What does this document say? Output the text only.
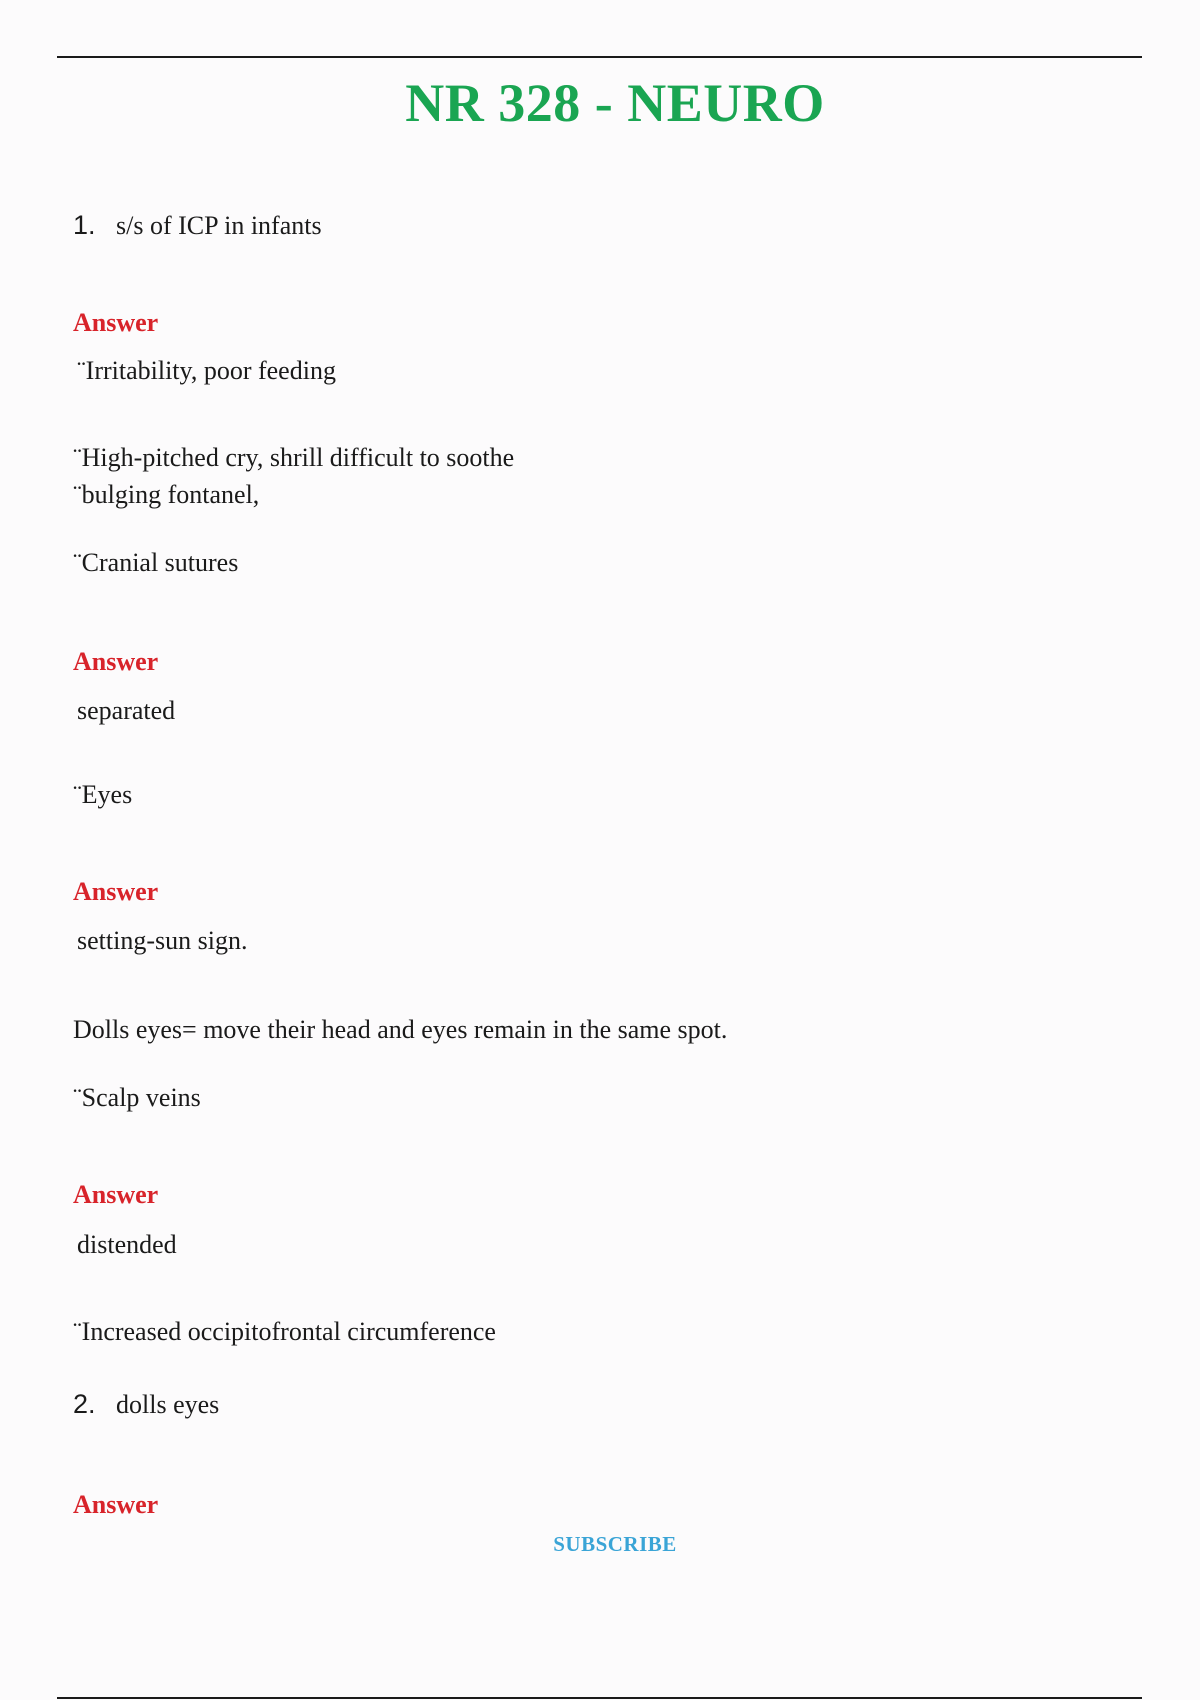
NR 328 - NEURO
1. s/s of ICP in infants
Answer
¨Irritability, poor feeding
¨High-pitched cry, shrill difficult to soothe
¨bulging fontanel,
¨Cranial sutures
Answer
separated
¨Eyes
Answer
setting-sun sign.
Dolls eyes= move their head and eyes remain in the same spot.
¨Scalp veins
Answer
distended
¨Increased occipitofrontal circumference
2. dolls eyes
Answer
SUBSCRIBE
